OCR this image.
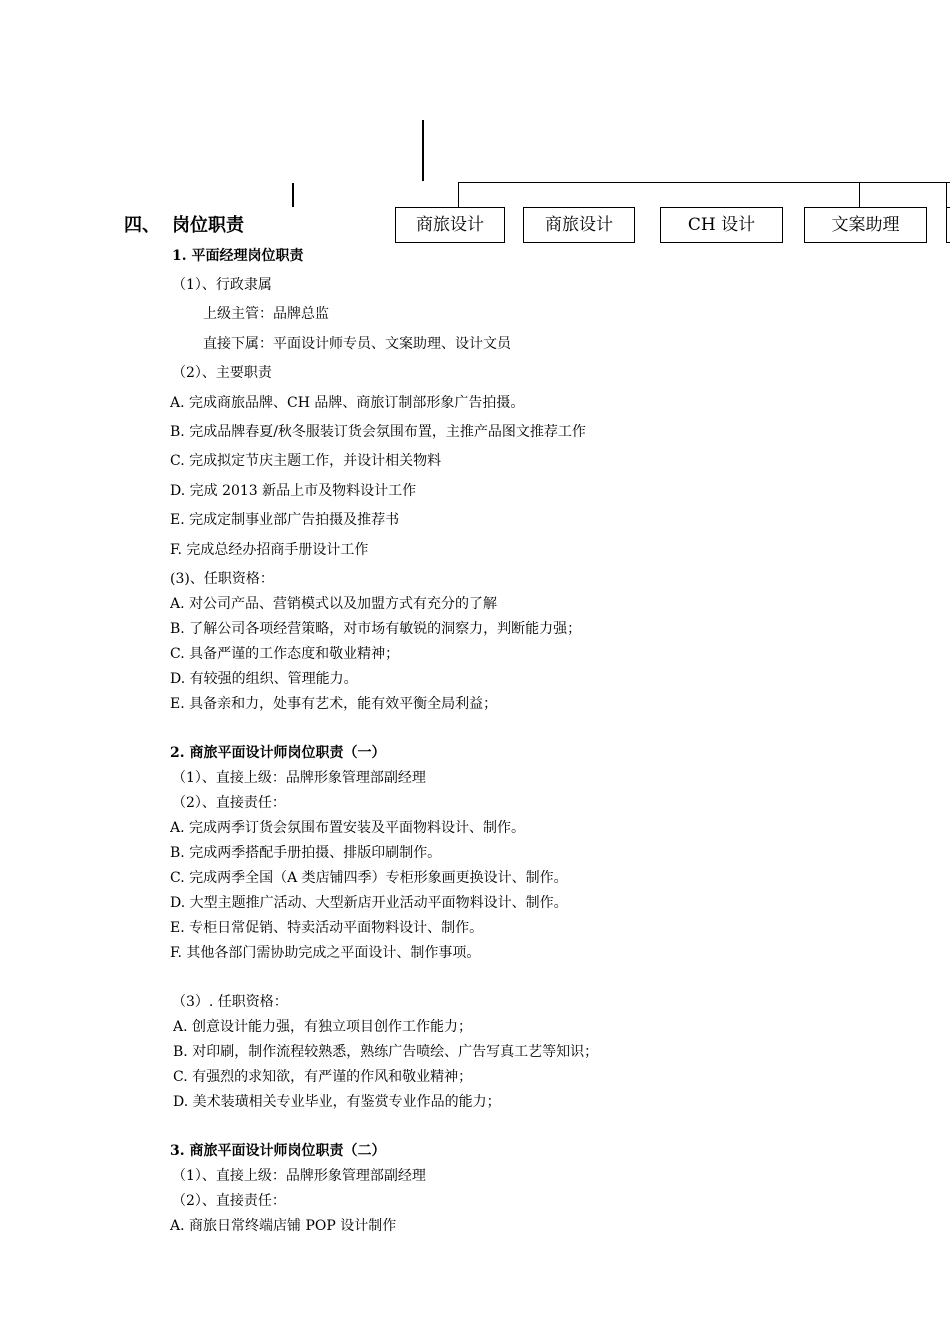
商旅设计	商旅设计	CH 设计	文案助理
四、 岗位职责
1. 平面经理岗位职责
（1）、行政隶属
上级主管：品牌总监
直接下属：平面设计师专员、文案助理、设计文员
（2）、主要职责
A. 完成商旅品牌、CH 品牌、商旅订制部形象广告拍摄。
B. 完成品牌春夏/秋冬服装订货会氛围布置，主推产品图文推荐工作
C. 完成拟定节庆主题工作，并设计相关物料
D. 完成 2013 新品上市及物料设计工作
E. 完成定制事业部广告拍摄及推荐书
F. 完成总经办招商手册设计工作
(3)、任职资格：
A. 对公司产品、营销模式以及加盟方式有充分的了解
B. 了解公司各项经营策略，对市场有敏锐的洞察力，判断能力强；
C. 具备严谨的工作态度和敬业精神；
D. 有较强的组织、管理能力。
E. 具备亲和力，处事有艺术，能有效平衡全局利益；
2. 商旅平面设计师岗位职责（一）
（1）、直接上级：品牌形象管理部副经理
（2）、直接责任：
A. 完成两季订货会氛围布置安装及平面物料设计、制作。
B. 完成两季搭配手册拍摄、排版印刷制作。
C. 完成两季全国（A 类店铺四季）专柜形象画更换设计、制作。
D. 大型主题推广活动、大型新店开业活动平面物料设计、制作。
E. 专柜日常促销、特卖活动平面物料设计、制作。
F. 其他各部门需协助完成之平面设计、制作事项。
（3）. 任职资格：
A. 创意设计能力强，有独立项目创作工作能力；
B. 对印刷，制作流程较熟悉，熟练广告喷绘、广告写真工艺等知识；
C. 有强烈的求知欲，有严谨的作风和敬业精神；
D. 美术装璜相关专业毕业，有鉴赏专业作品的能力；
3. 商旅平面设计师岗位职责（二）
（1）、直接上级：品牌形象管理部副经理
（2）、直接责任：
A. 商旅日常终端店铺 POP 设计制作
